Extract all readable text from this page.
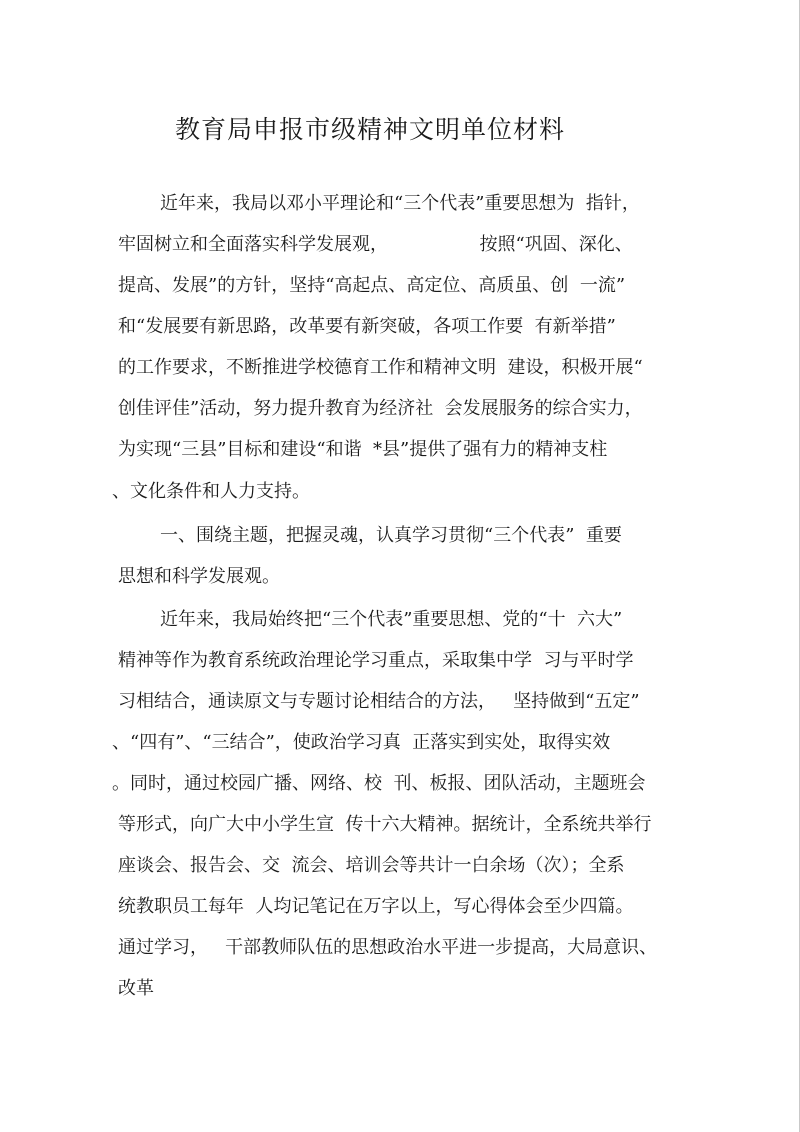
教育局申报市级精神文明单位材料
近年来，我局以邓小平理论和“三个代表”重要思想为  指针，
牢固树立和全面落实科学发展观，                按照“巩固、深化、
提高、发展”的方针，坚持“高起点、高定位、高质虽、创  一流”
和“发展要有新思路，改革要有新突破，各项工作要  有新举措”
的工作要求，不断推进学校德育工作和精神文明  建设，积极开展“
创佳评佳”活动，努力提升教育为经济社  会发展服务的综合实力，
为实现“三县”目标和建设“和谐  *县”提供了强有力的精神支柱
、文化条件和人力支持。
一、围绕主题，把握灵魂，认真学习贯彻“三个代表”  重要
思想和科学发展观。
近年来，我局始终把“三个代表”重要思想、党的“十  六大”
精神等作为教育系统政治理论学习重点，采取集中学  习与平时学
习相结合，通读原文与专题讨论相结合的方法，   坚持做到“五定”
、“四有”、“三结合”，使政治学习真  正落实到实处，取得实效
。同时，通过校园广播、网络、校  刊、板报、团队活动，主题班会
等形式，向广大中小学生宣  传十六大精神。据统计，全系统共举行
座谈会、报告会、交  流会、培训会等共计一白余场（次）；全系
统教职员工每年  人均记笔记在万字以上，写心得体会至少四篇。
通过学习，   干部教师队伍的思想政治水平进一步提高，大局意识、
改革
